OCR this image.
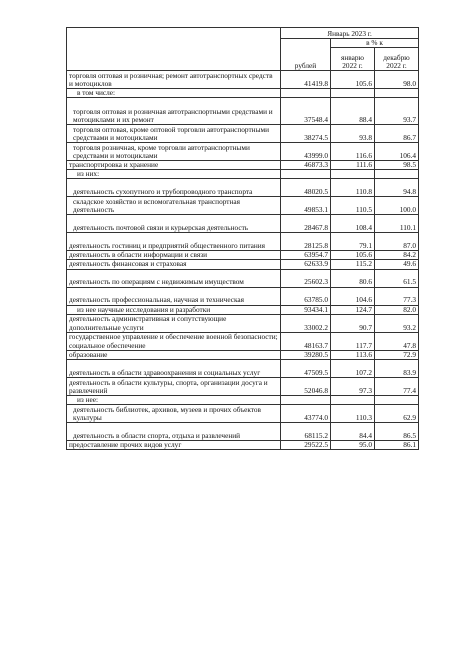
	Январь 2023 г.		
	рублей	в % к	
		январю 2022 г.	декабрю 2022 г.
торговля оптовая и розничная; ремонт автотранспортных средств и мотоциклов	41419.8	105.6	98.0
в том числе:			
торговля оптовая и розничная автотранспортными средствами и мотоциклами и их ремонт	37548.4	88.4	93.7
торговля оптовая, кроме оптовой торговли автотранспортными средствами и мотоциклами	38274.5	93.8	86.7
торговля розничная, кроме торговли автотранспортными средствами и мотоциклами	43999.0	116.6	106.4
транспортировка и хранение	46873.3	111.6	98.5
из них:			
деятельность сухопутного и трубопроводного транспорта	48020.5	110.8	94.8
складское хозяйство и вспомогательная транспортная деятельность	49853.1	110.5	100.0
деятельность почтовой связи и курьерская деятельность	28467.8	108.4	110.1
деятельность гостиниц и предприятий общественного питания	28125.8	79.1	87.0
деятельность в области информации и связи	63954.7	105.6	84.2
деятельность финансовая и страховая	62633.9	115.2	49.6
деятельность по операциям с недвижимым имуществом	25602.3	80.6	61.5
деятельность профессиональная, научная и техническая	63785.0	104.6	77.3
из нее научные исследования и разработки	93434.1	124.7	82.0
деятельность административная и сопутствующие дополнительные услуги	33002.2	90.7	93.2
государственное управление и обеспечение военной безопасности; социальное обеспечение	48163.7	117.7	47.8
образование	39280.5	113.6	72.9
деятельность в области здравоохранения и социальных услуг	47509.5	107.2	83.9
деятельность в области культуры, спорта, организации досуга и развлечений	52046.8	97.3	77.4
из нее:			
деятельность библиотек, архивов, музеев и прочих объектов культуры	43774.0	110.3	62.9
деятельность в области спорта, отдыха и развлечений	68115.2	84.4	86.5
предоставление прочих видов услуг	29522.5	95.0	86.1
